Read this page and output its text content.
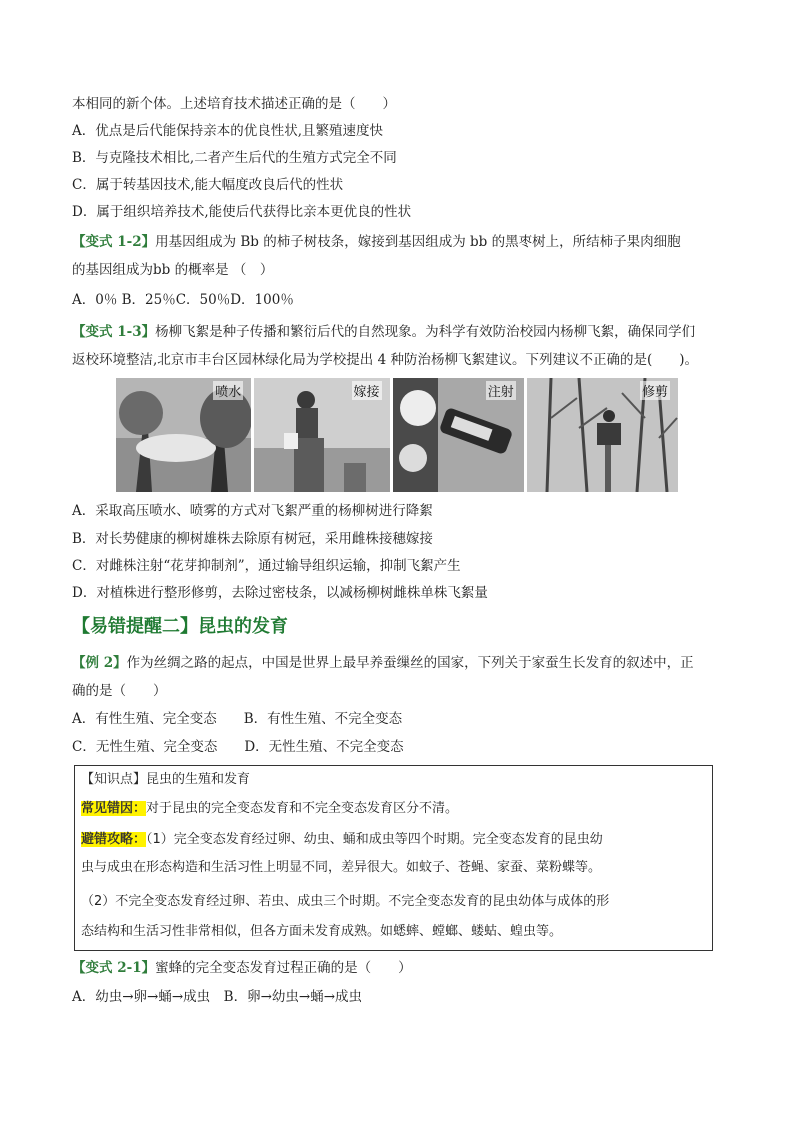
本相同的新个体。上述培育技术描述正确的是（　　）
A．优点是后代能保持亲本的优良性状,且繁殖速度快
B．与克隆技术相比,二者产生后代的生殖方式完全不同
C．属于转基因技术,能大幅度改良后代的性状
D．属于组织培养技术,能使后代获得比亲本更优良的性状
【变式 1-2】用基因组成为 Bb 的柿子树枝条，嫁接到基因组成为 bb 的黑枣树上，所结柿子果肉细胞
的基因组成为bb 的概率是 （　）
A．0％ B．25％C．50％D．100％
【变式 1-3】杨柳飞絮是种子传播和繁衍后代的自然现象。为科学有效防治校园内杨柳飞絮，确保同学们
返校环境整洁,北京市丰台区园林绿化局为学校提出 4 种防治杨柳飞絮建议。下列建议不正确的是(　　)。
喷水	嫁接	注射	修剪
A．采取高压喷水、喷雾的方式对飞絮严重的杨柳树进行降絮
B．对长势健康的柳树雄株去除原有树冠，采用雌株接穗嫁接
C．对雌株注射“花芽抑制剂”，通过输导组织运输，抑制飞絮产生
D．对植株进行整形修剪，去除过密枝条，以减杨柳树雌株单株飞絮量
【易错提醒二】昆虫的发育
【例 2】作为丝绸之路的起点，中国是世界上最早养蚕缫丝的国家，下列关于家蚕生长发育的叙述中，正
确的是（　　）
A．有性生殖、完全变态　　B．有性生殖、不完全变态
C．无性生殖、完全变态　　D．无性生殖、不完全变态
【知识点】昆虫的生殖和发育
常见错因：对于昆虫的完全变态发育和不完全变态发育区分不清。
避错攻略：（1）完全变态发育经过卵、幼虫、蛹和成虫等四个时期。完全变态发育的昆虫幼
虫与成虫在形态构造和生活习性上明显不同，差异很大。如蚊子、苍蝇、家蚕、菜粉蝶等。
（2）不完全变态发育经过卵、若虫、成虫三个时期。不完全变态发育的昆虫幼体与成体的形
态结构和生活习性非常相似，但各方面未发育成熟。如蟋蟀、螳螂、蝼蛄、蝗虫等。
【变式 2-1】蜜蜂的完全变态发育过程正确的是（　　）
A．幼虫→卵→蛹→成虫　B．卵→幼虫→蛹→成虫
